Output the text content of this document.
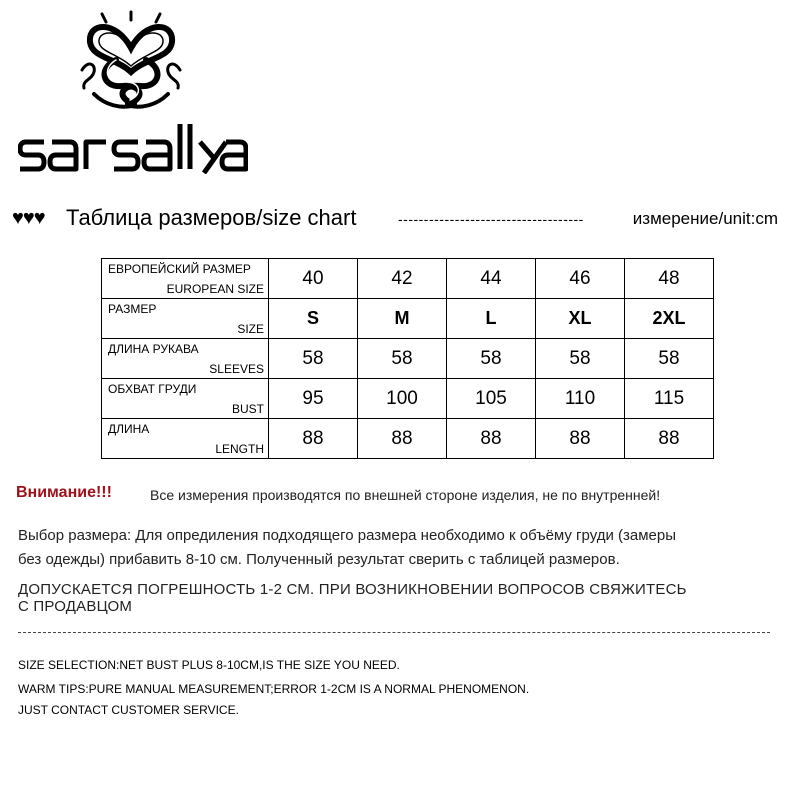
♥♥♥ Таблица размеров/size chart	------------------------------------	измерение/unit:cm
ЕВРОПЕЙСКИЙ РАЗМЕР
EUROPEAN SIZE	40	42	44	46	48

РАЗМЕР
SIZE	S	M	L	XL	2XL

ДЛИНА РУКАВА
SLEEVES	58	58	58	58	58

ОБХВАТ ГРУДИ
BUST	95	100	105	110	115

ДЛИНА
LENGTH	88	88	88	88	88
Внимание!!!	Все измерения производятся по внешней стороне изделия, не по внутренней!
Выбор размера: Для опредиления подходящего размера необходимо к объёму груди (замеры
без одежды) прибавить 8-10 см. Полученный результат сверить с таблицей размеров.
ДОПУСКАЕТСЯ ПОГРЕШНОСТЬ 1-2 СМ. ПРИ ВОЗНИКНОВЕНИИ ВОПРОСОВ СВЯЖИТЕСЬ
С ПРОДАВЦОМ
SIZE SELECTION:NET BUST PLUS 8-10CM,IS THE SIZE YOU NEED.
WARM TIPS:PURE MANUAL MEASUREMENT;ERROR 1-2CM IS A NORMAL PHENOMENON.
JUST CONTACT CUSTOMER SERVICE.
